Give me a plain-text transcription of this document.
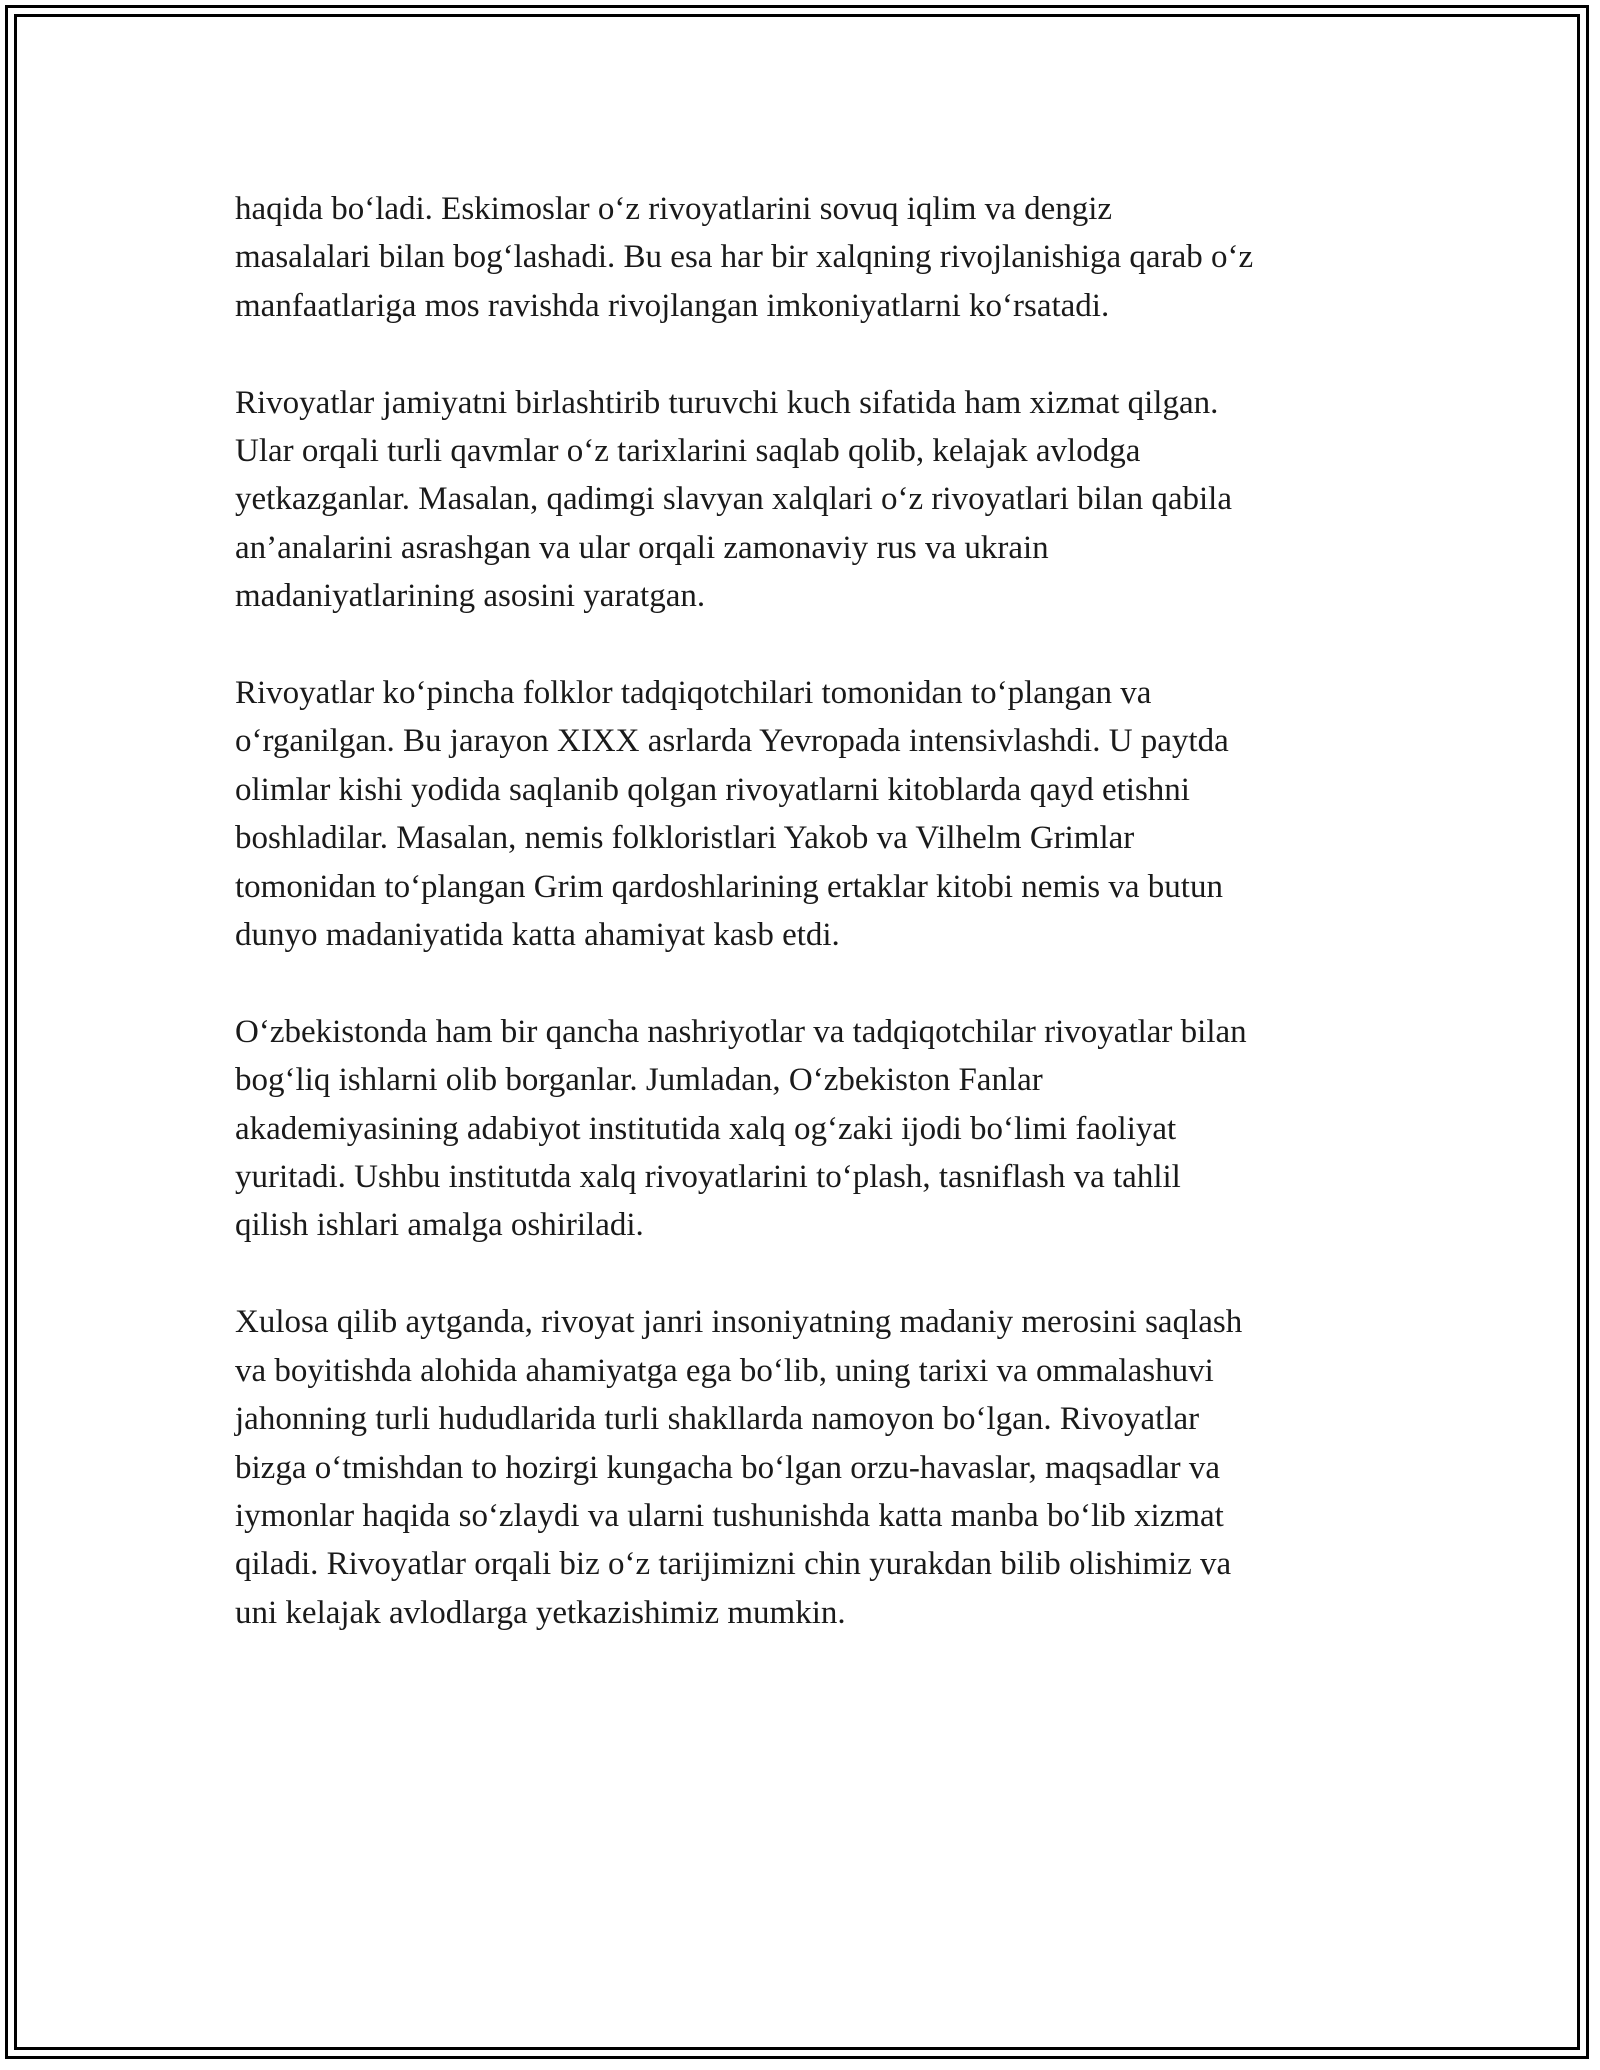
haqida bo‘ladi. Eskimoslar o‘z rivoyatlarini sovuq iqlim va dengiz
masalalari bilan bog‘lashadi. Bu esa har bir xalqning rivojlanishiga qarab o‘z
manfaatlariga mos ravishda rivojlangan imkoniyatlarni ko‘rsatadi.

Rivoyatlar jamiyatni birlashtirib turuvchi kuch sifatida ham xizmat qilgan.
Ular orqali turli qavmlar o‘z tarixlarini saqlab qolib, kelajak avlodga
yetkazganlar. Masalan, qadimgi slavyan xalqlari o‘z rivoyatlari bilan qabila
an’analarini asrashgan va ular orqali zamonaviy rus va ukrain
madaniyatlarining asosini yaratgan.

Rivoyatlar ko‘pincha folklor tadqiqotchilari tomonidan to‘plangan va
o‘rganilgan. Bu jarayon XIXX asrlarda Yevropada intensivlashdi. U paytda
olimlar kishi yodida saqlanib qolgan rivoyatlarni kitoblarda qayd etishni
boshladilar. Masalan, nemis folkloristlari Yakob va Vilhelm Grimlar
tomonidan to‘plangan Grim qardoshlarining ertaklar kitobi nemis va butun
dunyo madaniyatida katta ahamiyat kasb etdi.

O‘zbekistonda ham bir qancha nashriyotlar va tadqiqotchilar rivoyatlar bilan
bog‘liq ishlarni olib borganlar. Jumladan, O‘zbekiston Fanlar
akademiyasining adabiyot institutida xalq og‘zaki ijodi bo‘limi faoliyat
yuritadi. Ushbu institutda xalq rivoyatlarini to‘plash, tasniflash va tahlil
qilish ishlari amalga oshiriladi.

Xulosa qilib aytganda, rivoyat janri insoniyatning madaniy merosini saqlash
va boyitishda alohida ahamiyatga ega bo‘lib, uning tarixi va ommalashuvi
jahonning turli hududlarida turli shakllarda namoyon bo‘lgan. Rivoyatlar
bizga o‘tmishdan to hozirgi kungacha bo‘lgan orzu-havaslar, maqsadlar va
iymonlar haqida so‘zlaydi va ularni tushunishda katta manba bo‘lib xizmat
qiladi. Rivoyatlar orqali biz o‘z tarijimizni chin yurakdan bilib olishimiz va
uni kelajak avlodlarga yetkazishimiz mumkin.
